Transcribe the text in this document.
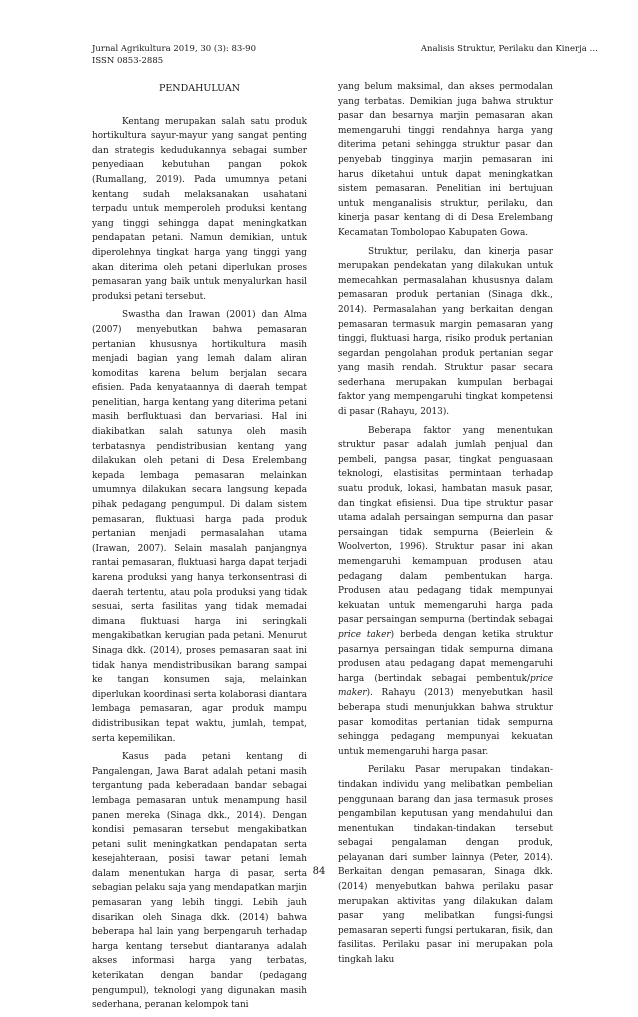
Jurnal Agrikultura 2019, 30 (3): 83-90
ISSN 0853-2885
Analisis Struktur, Perilaku dan Kinerja …
PENDAHULUAN

Kentang merupakan salah satu produk hortikultura sayur-mayur yang sangat penting dan strategis kedudukannya sebagai sumber penyediaan kebutuhan pangan pokok (Rumallang, 2019). Pada umumnya petani kentang sudah melaksanakan usahatani terpadu untuk memperoleh produksi kentang yang tinggi sehingga dapat meningkatkan pendapatan petani. Namun demikian, untuk diperolehnya tingkat harga yang tinggi yang akan diterima oleh petani diperlukan proses pemasaran yang baik untuk menyalurkan hasil produksi petani tersebut.

Swastha dan Irawan (2001) dan Alma (2007) menyebutkan bahwa pemasaran pertanian khususnya hortikultura masih menjadi bagian yang lemah dalam aliran komoditas karena belum berjalan secara efisien. Pada kenyataannya di daerah tempat penelitian, harga kentang yang diterima petani masih berfluktuasi dan bervariasi. Hal ini diakibatkan salah satunya oleh masih terbatasnya pendistribusian kentang yang dilakukan oleh petani di Desa Erelembang kepada lembaga pemasaran melainkan umumnya dilakukan secara langsung kepada pihak pedagang pengumpul. Di dalam sistem pemasaran, fluktuasi harga pada produk pertanian menjadi permasalahan utama (Irawan, 2007). Selain masalah panjangnya rantai pemasaran, fluktuasi harga dapat terjadi karena produksi yang hanya terkonsentrasi di daerah tertentu, atau pola produksi yang tidak sesuai, serta fasilitas yang tidak memadai dimana fluktuasi harga ini seringkali mengakibatkan kerugian pada petani. Menurut Sinaga dkk. (2014), proses pemasaran saat ini tidak hanya mendistribusikan barang sampai ke tangan konsumen saja, melainkan diperlukan koordinasi serta kolaborasi diantara lembaga pemasaran, agar produk mampu didistribusikan tepat waktu, jumlah, tempat, serta kepemilikan.

Kasus pada petani kentang di Pangalengan, Jawa Barat adalah petani masih tergantung pada keberadaan bandar sebagai lembaga pemasaran untuk menampung hasil panen mereka (Sinaga dkk., 2014). Dengan kondisi pemasaran tersebut mengakibatkan petani sulit meningkatkan pendapatan serta kesejahteraan, posisi tawar petani lemah dalam menentukan harga di pasar, serta sebagian pelaku saja yang mendapatkan marjin pemasaran yang lebih tinggi. Lebih jauh disarikan oleh Sinaga dkk. (2014) bahwa beberapa hal lain yang berpengaruh terhadap harga kentang tersebut diantaranya adalah akses informasi harga yang terbatas, keterikatan dengan bandar (pedagang pengumpul), teknologi yang digunakan masih sederhana, peranan kelompok tani

yang belum maksimal, dan akses permodalan yang terbatas. Demikian juga bahwa struktur pasar dan besarnya marjin pemasaran akan memengaruhi tinggi rendahnya harga yang diterima petani sehingga struktur pasar dan penyebab tingginya marjin pemasaran ini harus diketahui untuk dapat meningkatkan sistem pemasaran. Penelitian ini bertujuan untuk menganalisis struktur, perilaku, dan kinerja pasar kentang di di Desa Erelembang Kecamatan Tombolopao Kabupaten Gowa.

Struktur, perilaku, dan kinerja pasar merupakan pendekatan yang dilakukan untuk memecahkan permasalahan khususnya dalam pemasaran produk pertanian (Sinaga dkk., 2014). Permasalahan yang berkaitan dengan pemasaran termasuk margin pemasaran yang tinggi, fluktuasi harga, risiko produk pertanian segardan pengolahan produk pertanian segar yang masih rendah. Struktur pasar secara sederhana merupakan kumpulan berbagai faktor yang mempengaruhi tingkat kompetensi di pasar (Rahayu, 2013).

Beberapa faktor yang menentukan struktur pasar adalah jumlah penjual dan pembeli, pangsa pasar, tingkat penguasaan teknologi, elastisitas permintaan terhadap suatu produk, lokasi, hambatan masuk pasar, dan tingkat efisiensi. Dua tipe struktur pasar utama adalah persaingan sempurna dan pasar persaingan tidak sempurna (Beierlein & Woolverton, 1996). Struktur pasar ini akan memengaruhi kemampuan produsen atau pedagang dalam pembentukan harga. Produsen atau pedagang tidak mempunyai kekuatan untuk memengaruhi harga pada pasar persaingan sempurna (bertindak sebagai price taker) berbeda dengan ketika struktur pasarnya persaingan tidak sempurna dimana produsen atau pedagang dapat memengaruhi harga (bertindak sebagai pembentuk/price maker). Rahayu (2013) menyebutkan hasil beberapa studi menunjukkan bahwa struktur pasar komoditas pertanian tidak sempurna sehingga pedagang mempunyai kekuatan untuk memengaruhi harga pasar.

Perilaku Pasar merupakan tindakan-tindakan individu yang melibatkan pembelian penggunaan barang dan jasa termasuk proses pengambilan keputusan yang mendahului dan menentukan tindakan-tindakan tersebut sebagai pengalaman dengan produk, pelayanan dari sumber lainnya (Peter, 2014). Berkaitan dengan pemasaran, Sinaga dkk. (2014) menyebutkan bahwa perilaku pasar merupakan aktivitas yang dilakukan dalam pasar yang melibatkan fungsi-fungsi pemasaran seperti fungsi pertukaran, fisik, dan fasilitas. Perilaku pasar ini merupakan pola tingkah laku

84
